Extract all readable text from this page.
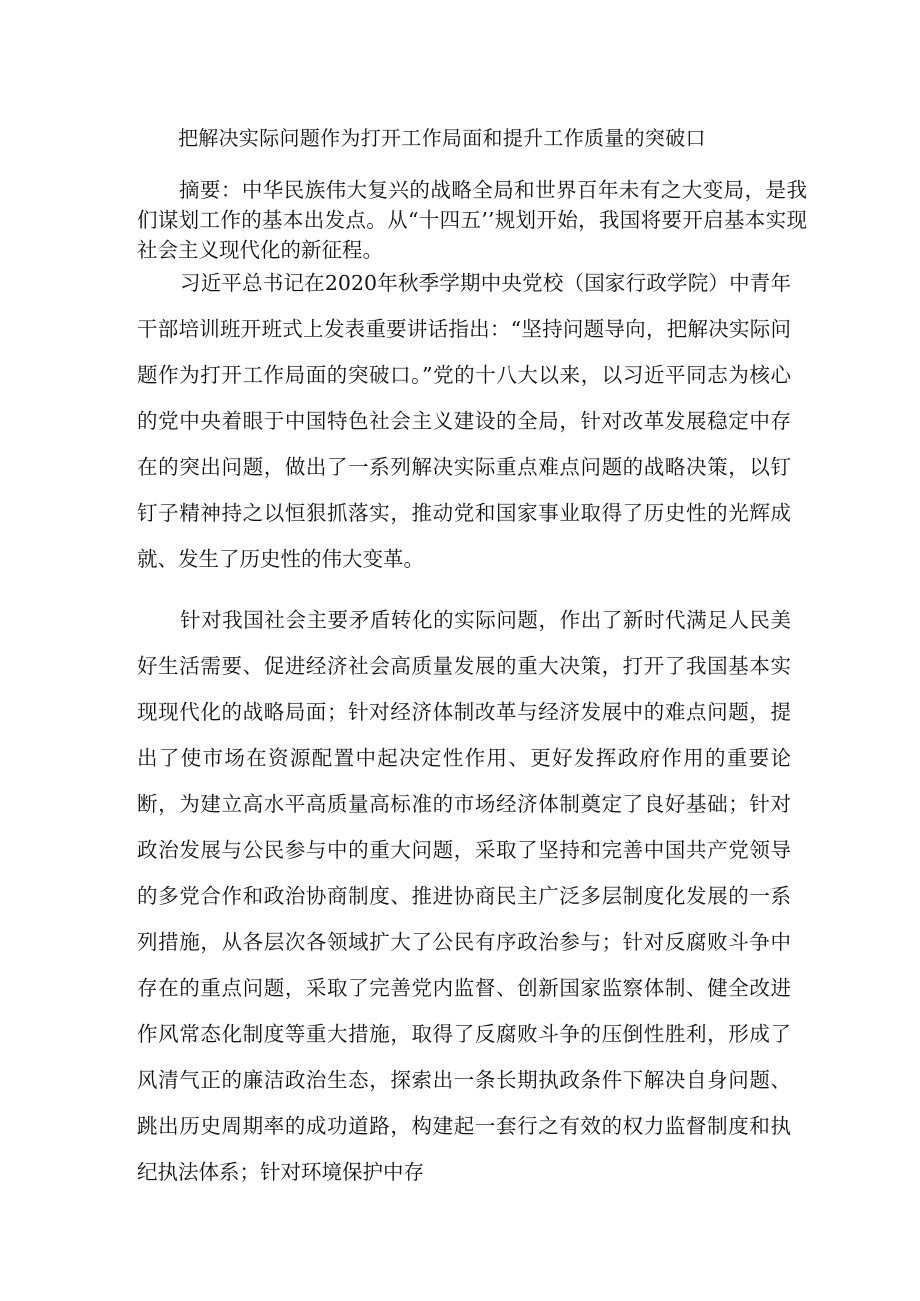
把解决实际问题作为打开工作局面和提升工作质量的突破口
摘要：中华民族伟大复兴的战略全局和世界百年未有之大变局，是我们谋划工作的基本出发点。从“十四五’’规划开始，我国将要开启基本实现社会主义现代化的新征程。
习近平总书记在2020年秋季学期中央党校（国家行政学院）中青年干部培训班开班式上发表重要讲话指出：“坚持问题导向，把解决实际问题作为打开工作局面的突破口。”党的十八大以来，以习近平同志为核心的党中央着眼于中国特色社会主义建设的全局，针对改革发展稳定中存在的突出问题，做出了一系列解决实际重点难点问题的战略决策，以钉钉子精神持之以恒狠抓落实，推动党和国家事业取得了历史性的光辉成就、发生了历史性的伟大变革。
针对我国社会主要矛盾转化的实际问题，作出了新时代满足人民美好生活需要、促进经济社会高质量发展的重大决策，打开了我国基本实现现代化的战略局面；针对经济体制改革与经济发展中的难点问题，提出了使市场在资源配置中起决定性作用、更好发挥政府作用的重要论断，为建立高水平高质量高标准的市场经济体制奠定了良好基础；针对政治发展与公民参与中的重大问题，采取了坚持和完善中国共产党领导的多党合作和政治协商制度、推进协商民主广泛多层制度化发展的一系列措施，从各层次各领域扩大了公民有序政治参与；针对反腐败斗争中存在的重点问题，采取了完善党内监督、创新国家监察体制、健全改进作风常态化制度等重大措施，取得了反腐败斗争的压倒性胜利，形成了风清气正的廉洁政治生态，探索出一条长期执政条件下解决自身问题、跳出历史周期率的成功道路，构建起一套行之有效的权力监督制度和执纪执法体系；针对环境保护中存
